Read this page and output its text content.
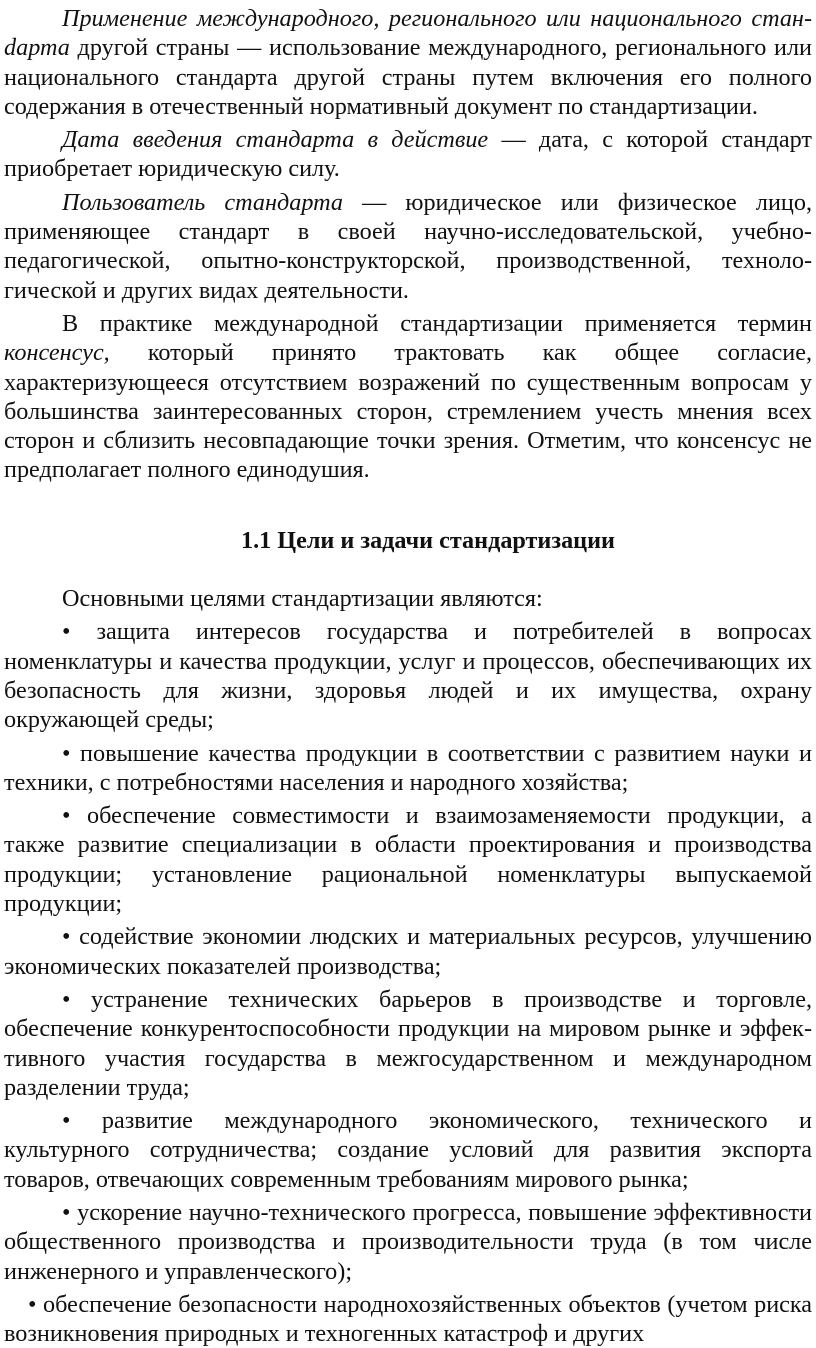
Применение международного, регионального или национального станdарта другой страны — использование международного, регионального или национального стандарта другой страны путем включения его полного содержания в отечественный нормативный документ по стандартизации.

Дата введения стандарта в действие — дата, с которой стандарт приобретает юридическую силу.

Пользователь стандарта — юридическое или физическое лицо, применяющее стандарт в своей научно-исследовательской, учебно-педагогической, опытно-конструкторской, производственной, технологической и других видах деятельности.

В практике международной стандартизации применяется термин консенсус, который принято трактовать как общее согласие, характеризующееся отсутствием возражений по существенным вопросам у большинства заинтересованных сторон, стремлением учесть мнения всех сторон и сблизить несовпадающие точки зрения. Отметим, что консенсус не предполагает полного единодушия.

1.1 Цели и задачи стандартизации

Основными целями стандартизации являются:

• защита интересов государства и потребителей в вопросах номенклатуры и качества продукции, услуг и процессов, обеспечивающих их безопасность для жизни, здоровья людей и их имущества, охрану окружающей среды;

• повышение качества продукции в соответствии с развитием науки и техники, с потребностями населения и народного хозяйства;

• обеспечение совместимости и взаимозаменяемости продукции, а также развитие специализации в области проектирования и производства продукции; установление рациональной номенклатуры выпускаемой продукции;

• содействие экономии людских и материальных ресурсов, улучшению экономических показателей производства;

• устранение технических барьеров в производстве и торговле, обеспечение конкурентоспособности продукции на мировом рынке и эффективного участия государства в межгосударственном и международном разделении труда;

• развитие международного экономического, технического и культурного сотрудничества; создание условий для развития экспорта товаров, отвечающих современным требованиям мирового рынка;

• ускорение научно-технического прогресса, повышение эффективности общественного производства и производительности труда (в том числе инженерного и управленческого);

• обеспечение безопасности народнохозяйственных объектов (учетом риска возникновения природных и техногенных катастроф и других
